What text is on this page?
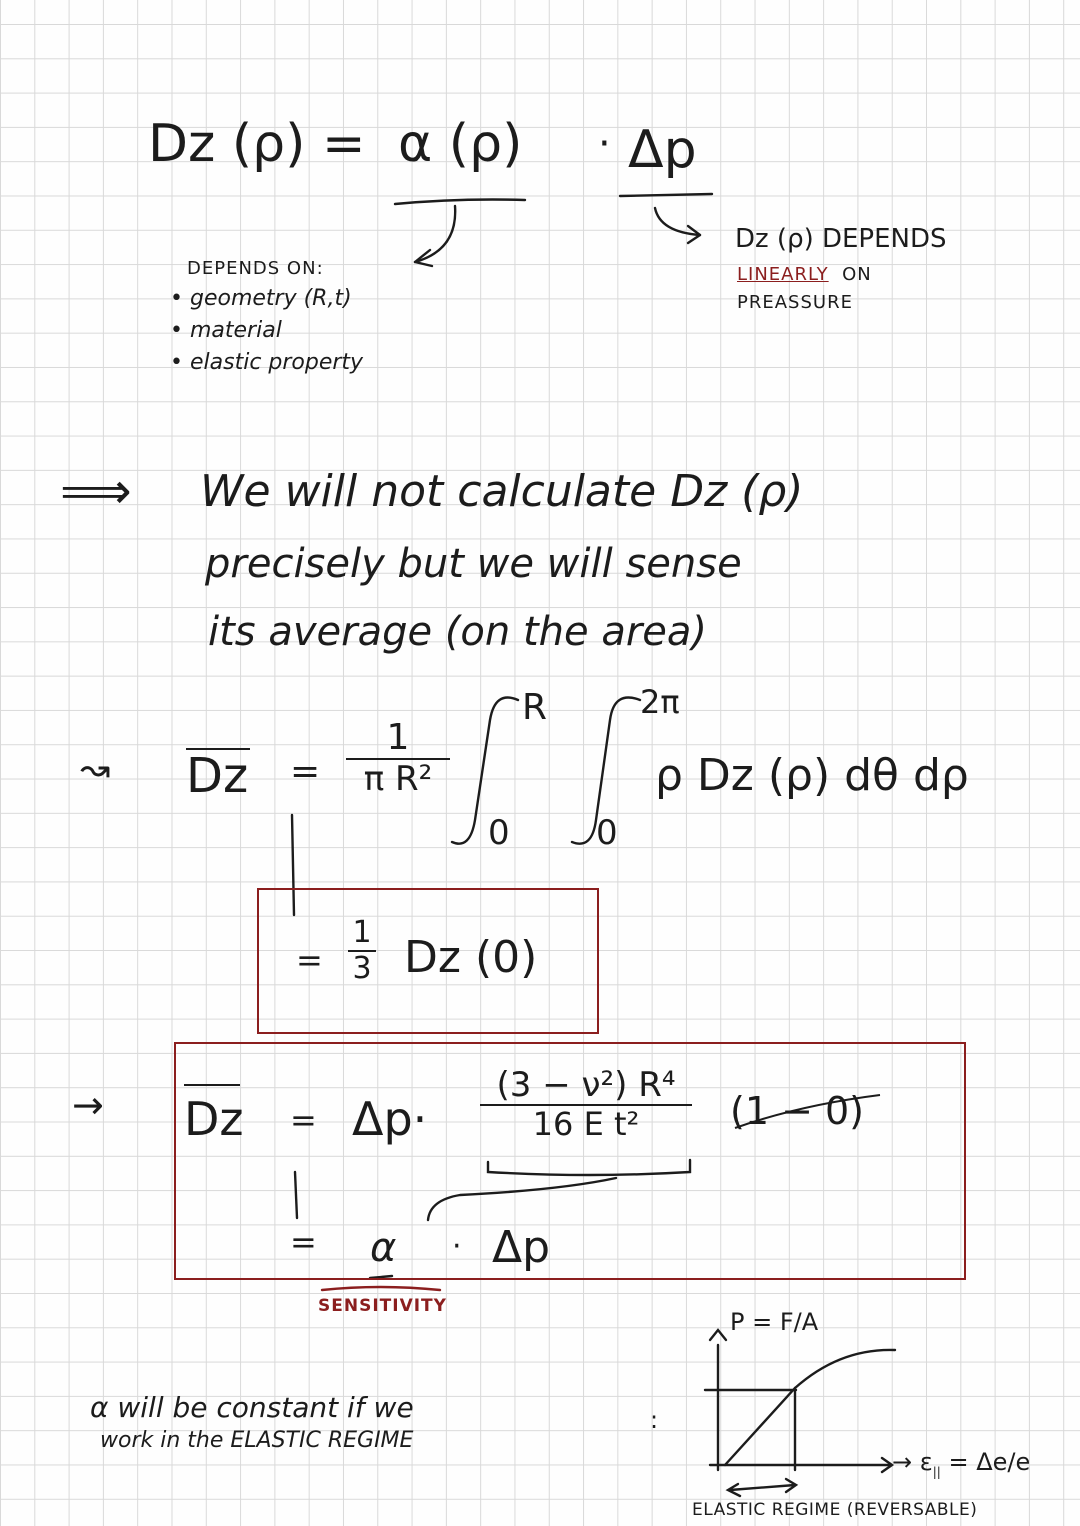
Dz (ρ) = α (ρ) · Δp
DEPENDS ON:
• geometry (R,t)
• material
• elastic property
Dz (ρ) DEPENDS
LINEARLY ON
PREASSURE
⟹ We will not calculate Dz (ρ)
precisely but we will sense
its average (on the area)
↝ Dz =
1
π R²
R
0
2π
0
ρ Dz (ρ) dθ dρ
=
1
3 Dz (0)
→ Dz = Δp·
(3 − ν²) R⁴
16 E t² (1 − 0)
= α · Δp
SENSITIVITY
α will be constant if we
work in the ELASTIC REGIME
:
P = F/A
→ $\varepsilon_{||} = \Delta e/e$
ELASTIC REGIME (REVERSABLE)
